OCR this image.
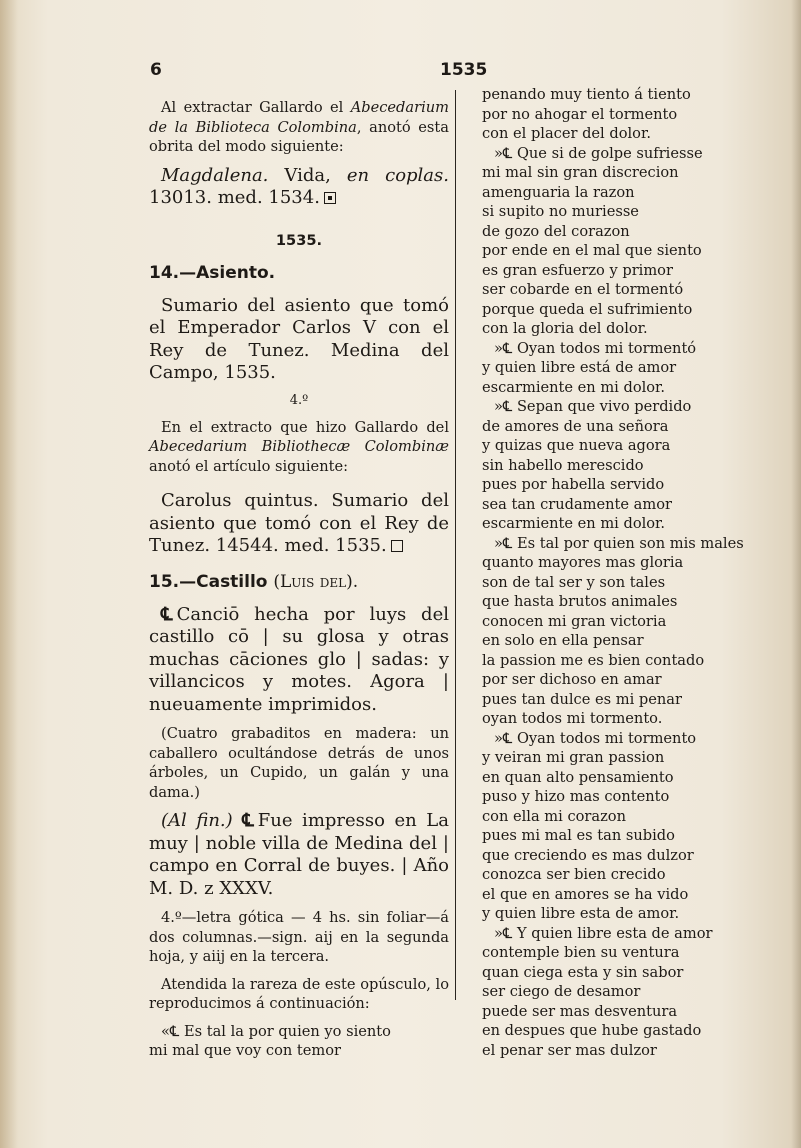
6	1535

Al extractar Gallardo el Abecedarium de la Biblioteca Colombina, anotó esta obrita del modo siguiente:

Magdalena. Vida, en coplas. 13013. med. 1534.

1535.
14.—Asiento.

Sumario del asiento que tomó el Emperador Carlos V con el Rey de Tunez. Medina del Campo, 1535.

4.º

En el extracto que hizo Gallardo del Abecedarium Bibliothecæ Colombinæ anotó el artículo siguiente:

Carolus quintus. Sumario del asiento que tomó con el Rey de Tunez. 14544. med. 1535.

15.—Castillo (Luis del).

℄ Canciō hecha por luys del castillo cō | su glosa y otras muchas cāciones glo | sadas: y villancicos y motes. Agora | nueuamente imprimidos.

(Cuatro grabaditos en madera: un caballero ocultándose detrás de unos árboles, un Cupido, un galán y una dama.)

(Al fin.) ℄ Fue impresso en La muy | noble villa de Medina del | campo en Corral de buyes. | Año M. D. z XXXV.

4.º—letra gótica — 4 hs. sin foliar—á dos columnas.—sign. aij en la segunda hoja, y aiij en la tercera.

Atendida la rareza de este opúsculo, lo reproducimos á continuación:

«℄ Es tal la por quien yo siento
mi mal que voy con temor
penando muy tiento á tiento
por no ahogar el tormento
con el placer del dolor.
»℄ Que si de golpe sufriesse
mi mal sin gran discrecion
amenguaria la razon
si supito no muriesse
de gozo del corazon
por ende en el mal que siento
es gran esfuerzo y primor
ser cobarde en el tormentó
porque queda el sufrimiento
con la gloria del dolor.
»℄ Oyan todos mi tormentó
y quien libre está de amor
escarmiente en mi dolor.
»℄ Sepan que vivo perdido
de amores de una señora
y quizas que nueva agora
sin habello merescido
pues por habella servido
sea tan crudamente amor
escarmiente en mi dolor.
»℄ Es tal por quien son mis males
quanto mayores mas gloria
son de tal ser y son tales
que hasta brutos animales
conocen mi gran victoria
en solo en ella pensar
la passion me es bien contado
por ser dichoso en amar
pues tan dulce es mi penar
oyan todos mi tormento.
»℄ Oyan todos mi tormento
y veiran mi gran passion
en quan alto pensamiento
puso y hizo mas contento
con ella mi corazon
pues mi mal es tan subido
que creciendo es mas dulzor
conozca ser bien crecido
el que en amores se ha vido
y quien libre esta de amor.
»℄ Y quien libre esta de amor
contemple bien su ventura
quan ciega esta y sin sabor
ser ciego de desamor
puede ser mas desventura
en despues que hube gastado
el penar ser mas dulzor
